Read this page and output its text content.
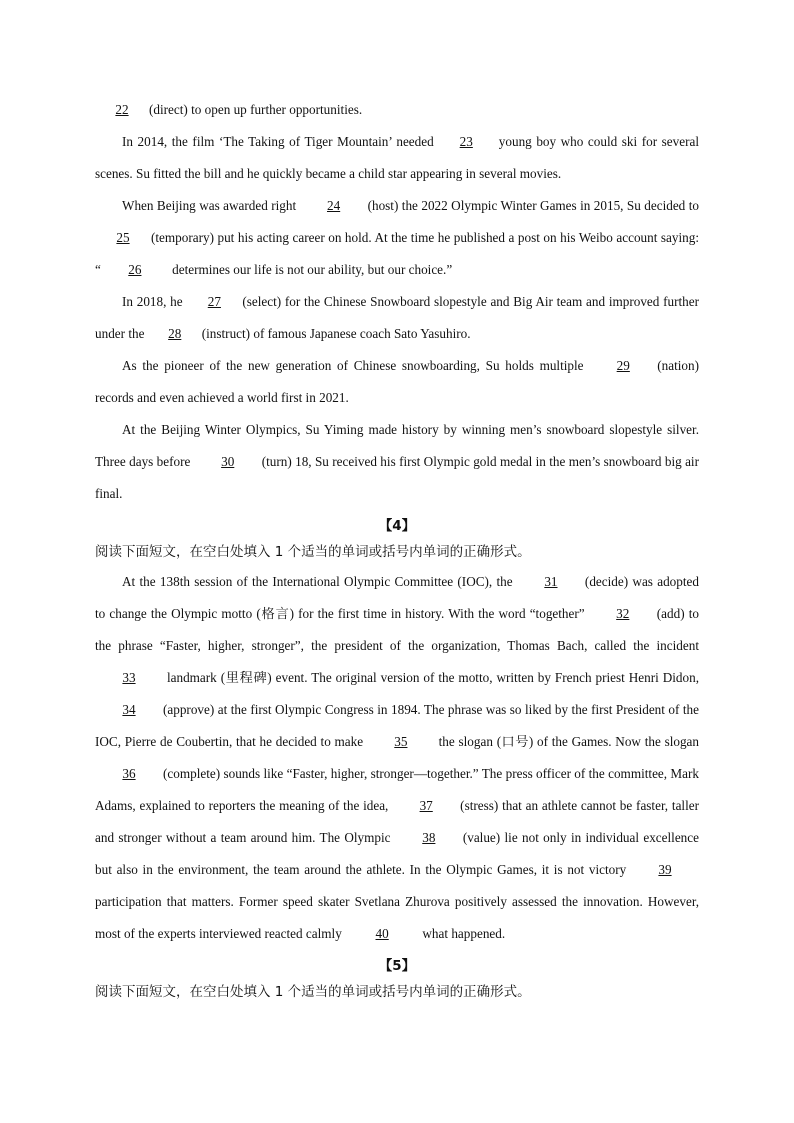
22 (direct) to open up further opportunities.

In 2014, the film ‘The Taking of Tiger Mountain’ needed 23 young boy who could ski for several scenes. Su fitted the bill and he quickly became a child star appearing in several movies.

When Beijing was awarded right 24 (host) the 2022 Olympic Winter Games in 2015, Su decided to 25 (temporary) put his acting career on hold. At the time he published a post on his Weibo account saying: “ 26 determines our life is not our ability, but our choice.”

In 2018, he 27 (select) for the Chinese Snowboard slopestyle and Big Air team and improved further under the 28 (instruct) of famous Japanese coach Sato Yasuhiro.

As the pioneer of the new generation of Chinese snowboarding, Su holds multiple 29 (nation) records and even achieved a world first in 2021.

At the Beijing Winter Olympics, Su Yiming made history by winning men’s snowboard slopestyle silver. Three days before 30 (turn) 18, Su received his first Olympic gold medal in the men’s snowboard big air final.

【4】

阅读下面短文，在空白处填入 1 个适当的单词或括号内单词的正确形式。

At the 138th session of the International Olympic Committee (IOC), the 31 (decide) was adopted to change the Olympic motto (格言) for the first time in history. With the word “together” 32 (add) to the phrase “Faster, higher, stronger”, the president of the organization, Thomas Bach, called the incident 33 landmark (里程碑) event. The original version of the motto, written by French priest Henri Didon, 34 (approve) at the first Olympic Congress in 1894. The phrase was so liked by the first President of the IOC, Pierre de Coubertin, that he decided to make 35 the slogan (口号) of the Games. Now the slogan 36 (complete) sounds like “Faster, higher, stronger—together.” The press officer of the committee, Mark Adams, explained to reporters the meaning of the idea, 37 (stress) that an athlete cannot be faster, taller and stronger without a team around him. The Olympic 38 (value) lie not only in individual excellence but also in the environment, the team around the athlete. In the Olympic Games, it is not victory 39 participation that matters. Former speed skater Svetlana Zhurova positively assessed the innovation. However, most of the experts interviewed reacted calmly 40 what happened.

【5】

阅读下面短文，在空白处填入 1 个适当的单词或括号内单词的正确形式。
